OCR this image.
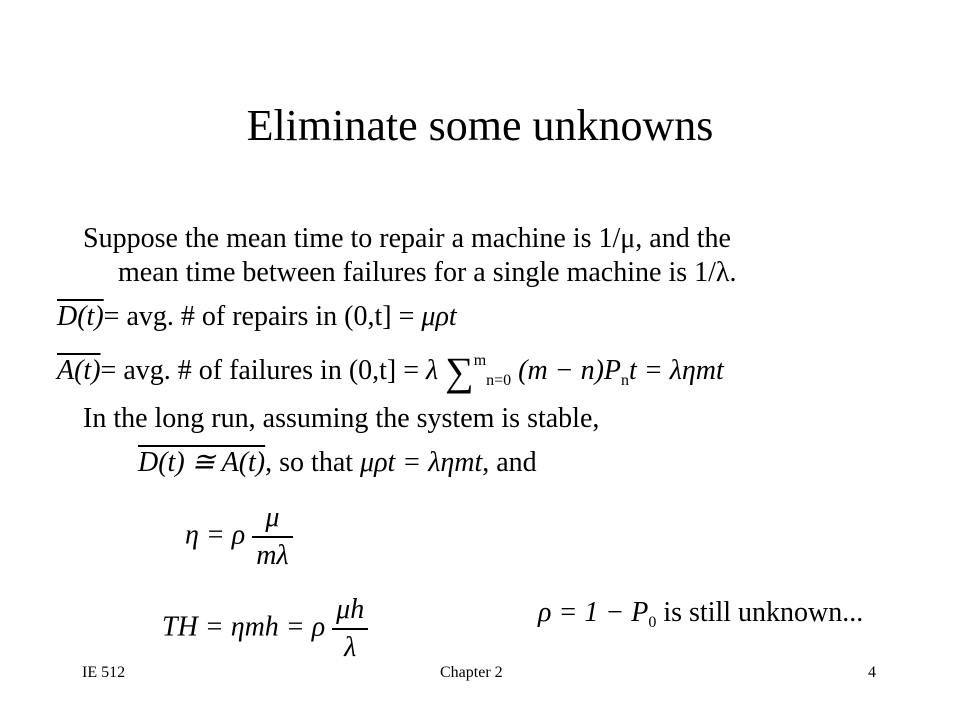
Eliminate some unknowns
Suppose the mean time to repair a machine is 1/μ, and the
mean time between failures for a single machine is 1/λ.
D(t)= avg. # of repairs in (0,t] = μρt
A(t)= avg. # of failures in (0,t] = λ ∑$^m_{n=0}$ $(m - n)P_nt = \lambda\eta mt$
In the long run, assuming the system is stable,
D(t) ≅ A(t), so that μρt = ληmt, and
η = ρ $\frac{\mu}{m\lambda}$
TH = ηmh = ρ $\frac{\mu h}{\lambda}$	$\rho = 1 - P_0$ is still unknown...
IE 512	Chapter 2	4
